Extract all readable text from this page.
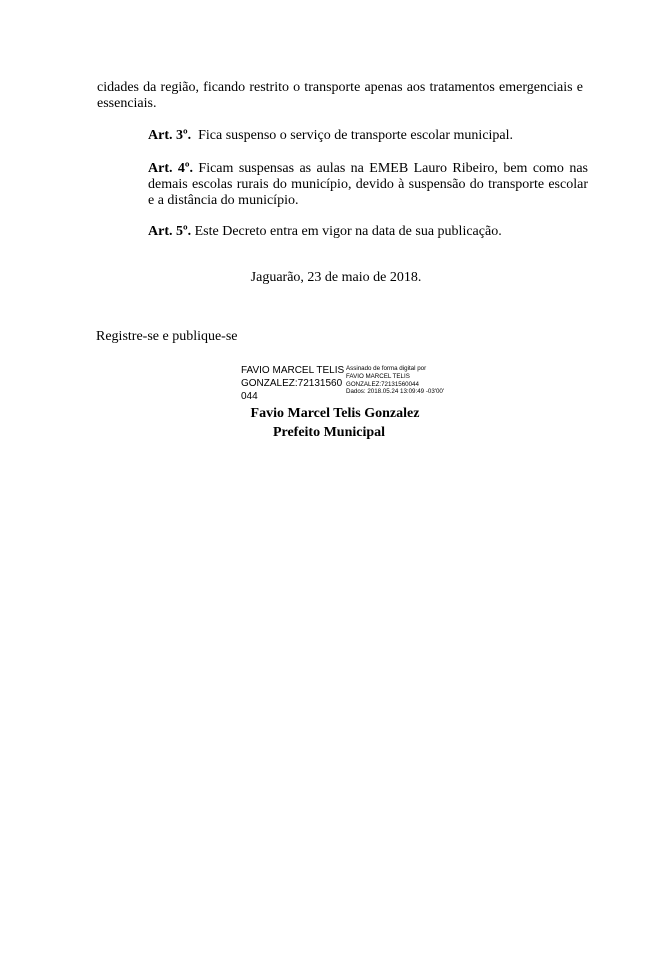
cidades da região, ficando restrito o transporte apenas aos tratamentos emergenciais e essenciais.
Art. 3º. Fica suspenso o serviço de transporte escolar municipal.
Art. 4º. Ficam suspensas as aulas na EMEB Lauro Ribeiro, bem como nas demais escolas rurais do município, devido à suspensão do transporte escolar e a distância do município.
Art. 5º. Este Decreto entra em vigor na data de sua publicação.
Jaguarão, 23 de maio de 2018.
Registre-se e publique-se
FAVIO MARCEL TELIS GONZALEZ:72131560044
Assinado de forma digital por
FAVIO MARCEL TELIS
GONZALEZ:72131560044
Dados: 2018.05.24 13:09:49 -03'00'
Favio Marcel Telis Gonzalez
Prefeito Municipal
